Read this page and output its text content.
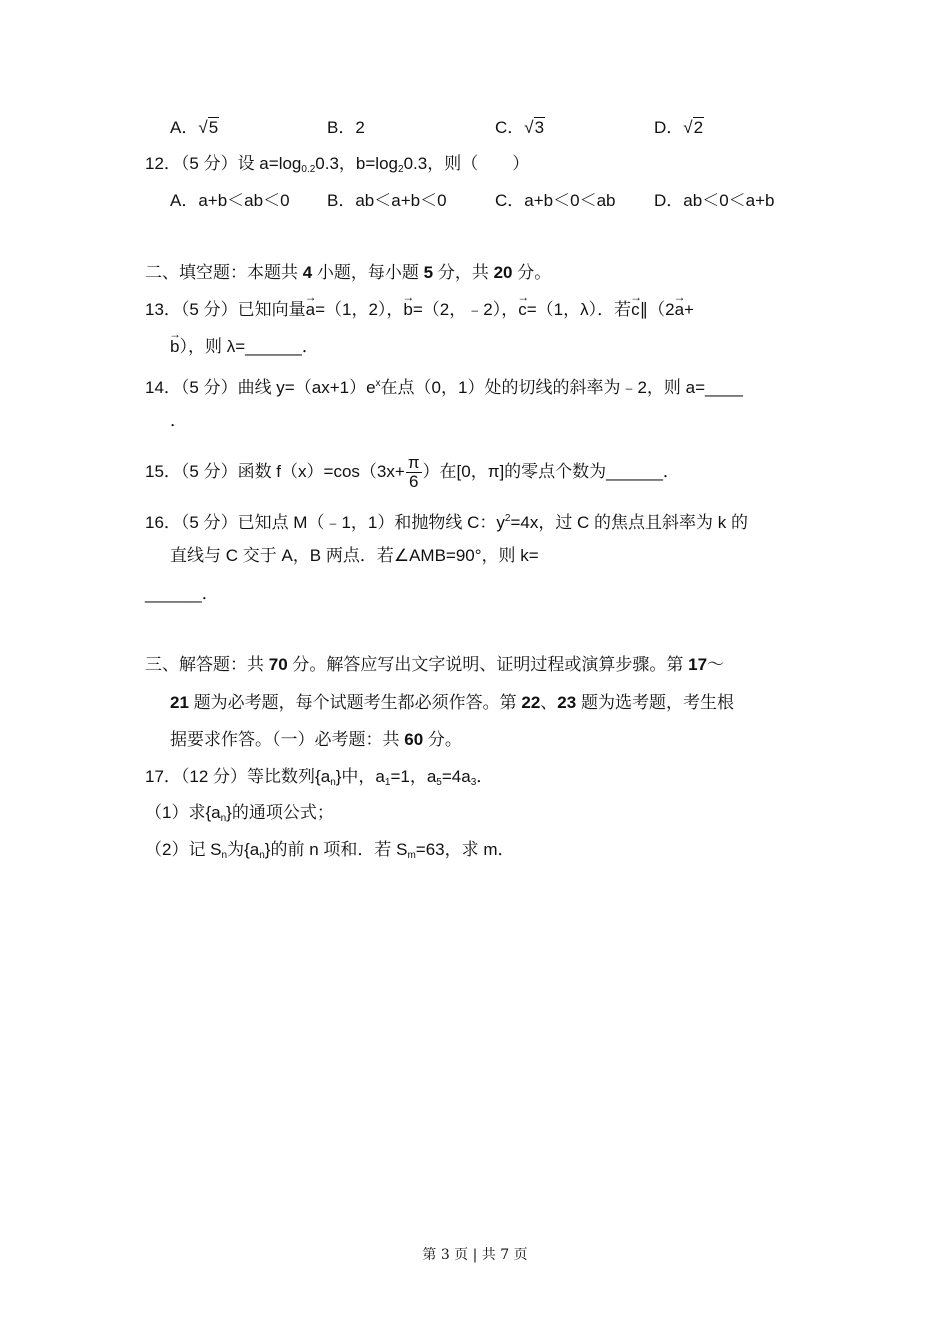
A．√5	B．2	C．√3	D．√2
12．（5 分）设 $a=\log_{0.2}0.3$，$b=\log_20.3$，则（　　）
A．a+b＜ab＜0 B．ab＜a+b＜0	C．a+b＜0＜ab D．ab＜0＜a+b
二、填空题：本题共 4 小题，每小题 5 分，共 20 分。
13．（5 分）已知向量→ a=（1，2），→ b=（2，﹣2），→ c=（1，λ）．若→ c∥（2→ a+
→ b），则 λ=______．
14．（5 分）曲线 $y=(ax+1)e^x$在点（0，1）处的切线的斜率为﹣2，则 a=____
．
15．（5 分）函数 $f(x)=\cos(3x+ \frac{\pi}{6}$ ）在[0，π]的零点个数为______．
16．（5 分）已知点 M（﹣1，1）和抛物线 C：$y^2=4x$，过 C 的焦点且斜率为 k 的
直线与 C 交于 A，B 两点．若∠AMB=90°，则 k=
______．
三、解答题：共 70 分。解答应写出文字说明、证明过程或演算步骤。第 17～
21 题为必考题，每个试题考生都必须作答。第 22、23 题为选考题，考生根
据要求作答。（一）必考题：共 60 分。
17．（12 分）等比数列$\{a_n\}$中，$a_1=1$，$a_5=4a_3$．
（1）求$\{a_n\}$的通项公式；
（2）记 $S_n$为$\{a_n\}$的前 n 项和．若 $S_m=63$，求 m．
第 3 页 | 共 7 页
